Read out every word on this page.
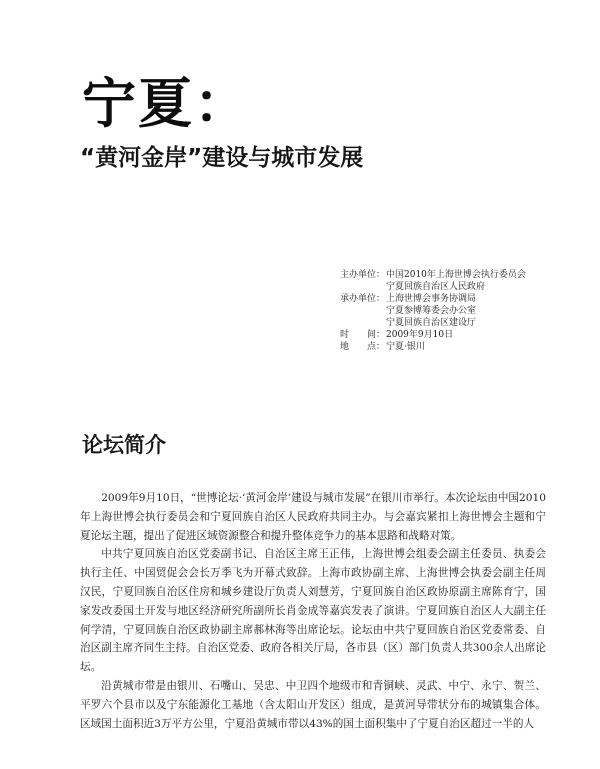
宁夏：
“黄河金岸”建设与城市发展
主办单位： 中国2010年上海世博会执行委员会
宁夏回族自治区人民政府
承办单位： 上海世博会事务协调局
宁夏参博筹委会办公室
宁夏回族自治区建设厅
时　　间： 2009年9月10日
地　　点： 宁夏·银川
论坛简介

2009年9月10日，“世博论坛·‘黄河金岸’建设与城市发展”在银川市举行。本次论坛由中国2010年上海世博会执行委员会和宁夏回族自治区人民政府共同主办。与会嘉宾紧扣上海世博会主题和宁夏论坛主题，提出了促进区域资源整合和提升整体竞争力的基本思路和战略对策。

中共宁夏回族自治区党委副书记、自治区主席王正伟，上海世博会组委会副主任委员、执委会执行主任、中国贸促会会长万季飞为开幕式致辞。上海市政协副主席、上海世博会执委会副主任周汉民，宁夏回族自治区住房和城乡建设厅负责人刘慧芳，宁夏回族自治区政协原副主席陈育宁，国家发改委国土开发与地区经济研究所副所长肖金成等嘉宾发表了演讲。宁夏回族自治区人大副主任何学清，宁夏回族自治区政协副主席郝林海等出席论坛。论坛由中共宁夏回族自治区党委常委、自治区副主席齐同生主持。自治区党委、政府各相关厅局，各市县（区）部门负责人共300余人出席论坛。

沿黄城市带是由银川、石嘴山、吴忠、中卫四个地级市和青铜峡、灵武、中宁、永宁、贺兰、平罗六个县市以及宁东能源化工基地（含太阳山开发区）组成，是黄河导带状分布的城镇集合体。区域国土面积近3万平方公里，宁夏沿黄城市带以43%的国土面积集中了宁夏自治区超过一半的人
